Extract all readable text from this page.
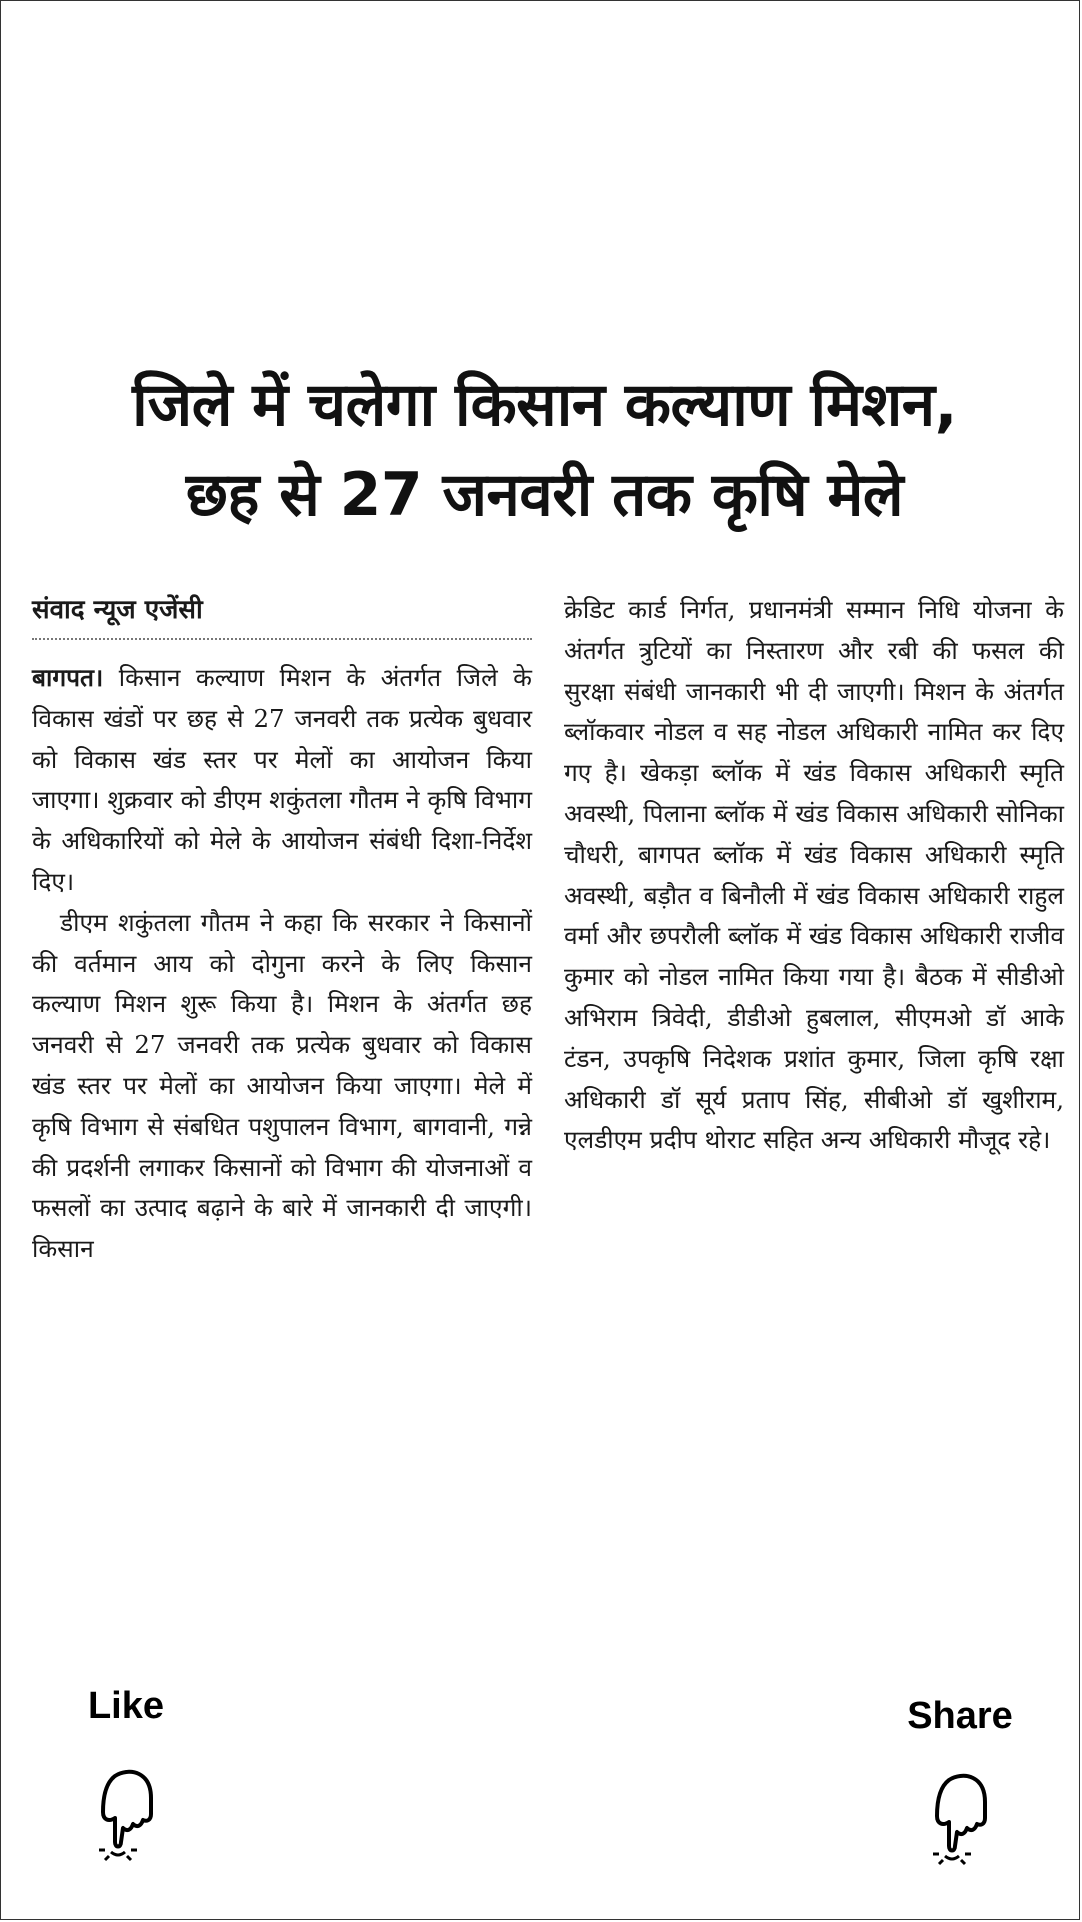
जिले में चलेगा किसान कल्याण मिशन,
छह से 27 जनवरी तक कृषि मेले
संवाद न्यूज एजेंसी

बागपत। किसान कल्याण मिशन के अंतर्गत जिले के विकास खंडों पर छह से 27 जनवरी तक प्रत्येक बुधवार को विकास खंड स्तर पर मेलों का आयोजन किया जाएगा। शुक्रवार को डीएम शकुंतला गौतम ने कृषि विभाग के अधिकारियों को मेले के आयोजन संबंधी दिशा-निर्देश दिए।

डीएम शकुंतला गौतम ने कहा कि सरकार ने किसानों की वर्तमान आय को दोगुना करने के लिए किसान कल्याण मिशन शुरू किया है। मिशन के अंतर्गत छह जनवरी से 27 जनवरी तक प्रत्येक बुधवार को विकास खंड स्तर पर मेलों का आयोजन किया जाएगा। मेले में कृषि विभाग से संबधित पशुपालन विभाग, बागवानी, गन्ने की प्रदर्शनी लगाकर किसानों को विभाग की योजनाओं व फसलों का उत्पाद बढ़ाने के बारे में जानकारी दी जाएगी। किसान

क्रेडिट कार्ड निर्गत, प्रधानमंत्री सम्मान निधि योजना के अंतर्गत त्रुटियों का निस्तारण और रबी की फसल की सुरक्षा संबंधी जानकारी भी दी जाएगी। मिशन के अंतर्गत ब्लॉकवार नोडल व सह नोडल अधिकारी नामित कर दिए गए है। खेकड़ा ब्लॉक में खंड विकास अधिकारी स्मृति अवस्थी, पिलाना ब्लॉक में खंड विकास अधिकारी सोनिका चौधरी, बागपत ब्लॉक में खंड विकास अधिकारी स्मृति अवस्थी, बड़ौत व बिनौली में खंड विकास अधिकारी राहुल वर्मा और छपरौली ब्लॉक में खंड विकास अधिकारी राजीव कुमार को नोडल नामित किया गया है। बैठक में सीडीओ अभिराम त्रिवेदी, डीडीओ हुबलाल, सीएमओ डॉ आके टंडन, उपकृषि निदेशक प्रशांत कुमार, जिला कृषि रक्षा अधिकारी डॉ सूर्य प्रताप सिंह, सीबीओ डॉ खुशीराम, एलडीएम प्रदीप थोराट सहित अन्य अधिकारी मौजूद रहे।

Like	Share
